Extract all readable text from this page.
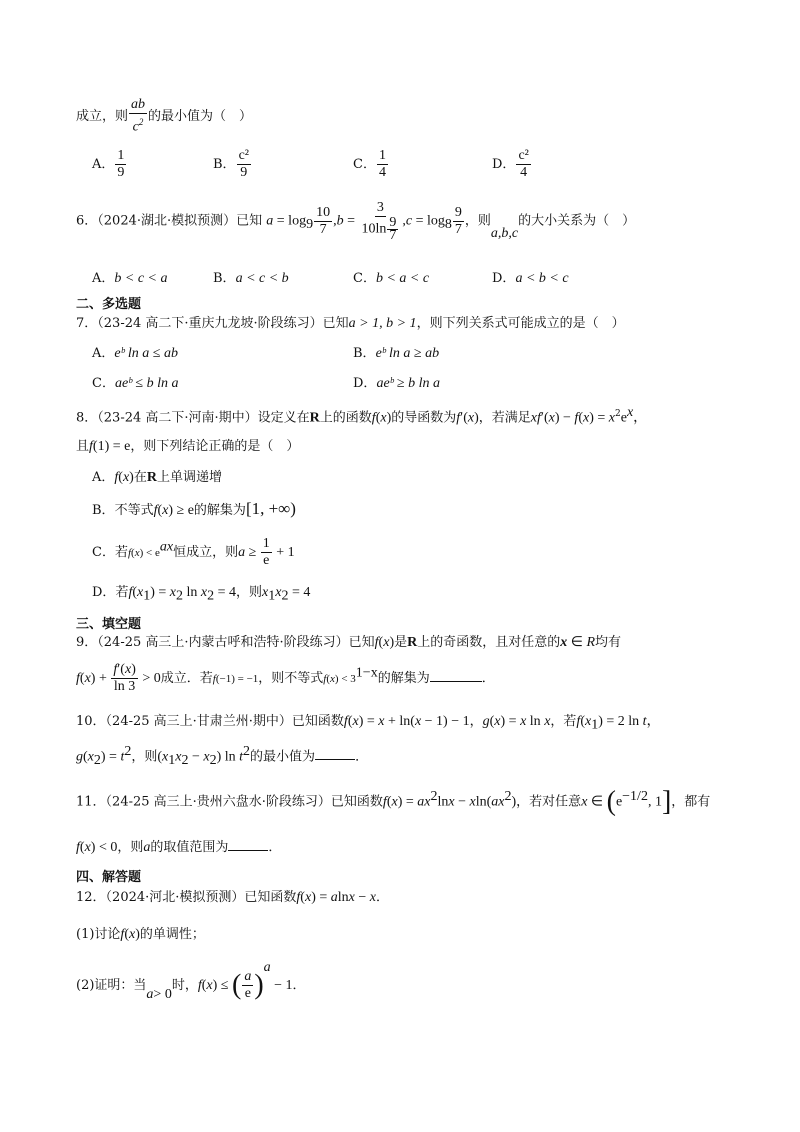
成立，则 $\frac{ab}{c^2}$ 的最小值为（　）
A． $\frac{1}{9}$	B． $\frac{\text{c²}}{9}$	C． $\frac{1}{4}$	D． $\frac{\text{c²}}{4}$
6．（2024·湖北·模拟预测）已知 $a = \log_9 \frac{10}{7} ,b = \frac{3}{10\ln \frac{9}{7}} ,c = \log_8 \frac{9}{7}$ ，则a,b,c的大小关系为（　）
A．b < c < a	B．a < c < b	C．b < a < c	D．a < b < c
二、多选题
7．（23-24 高二下·重庆九龙坡·阶段练习）已知a > 1, b > 1，则下列关系式可能成立的是（　）
A．eᵇ ln a ≤ ab	B．eᵇ ln a ≥ ab
C．aeᵇ ≤ b ln a	D．aeᵇ ≥ b ln a
8．（23-24 高二下·河南·期中）设定义在R上的函数f(x)的导函数为f′(x)，若满足$xf'(x) - f(x) = x^2e^x$，
且f(1) = e，则下列结论正确的是（　）
A．f(x)在R上单调递增
B．不等式f(x) ≥ e的解集为[1, +∞)
C．若$f(x) < e^{ax}$恒成立，则$a \ge \frac{1}{e} + 1$
D．若$f(x_1) = x_2$ $\ln x_2 = 4$，则$x_1x_2 = 4$
三、填空题
9．（24-25 高三上·内蒙古呼和浩特·阶段练习）已知f(x)是R上的奇函数，且对任意的x ∈ R均有
$f(x) + \frac{f'(x)}{\ln 3} > 0$成立．若f(−1) = −1，则不等式$f(x) < 3^{1-x}$的解集为	．
10．（24-25 高三上·甘肃兰州·期中）已知函数f(x) = x + ln(x − 1) − 1，g(x) = x ln x，若$f(x_1) = 2$ ln t，
$g(x_2) = t^2$，则$(x_1x_2 - x_2)$ $\ln t^2$的最小值为	．
11．（24-25 高三上·贵州六盘水·阶段练习）已知函数$f(x) = ax^2\ln x - xln(ax^2)$，若对任意x ∈ ($e^{-1/2}$, 1]，都有
f(x) < 0，则a的取值范围为	．
四、解答题
12．（2024·河北·模拟预测）已知函数f(x) = alnx − x．
(1)讨论f(x)的单调性；
(2)证明：当a> 0时，f(x) ≤ ( $\frac{a}{e} )^a - 1$．
